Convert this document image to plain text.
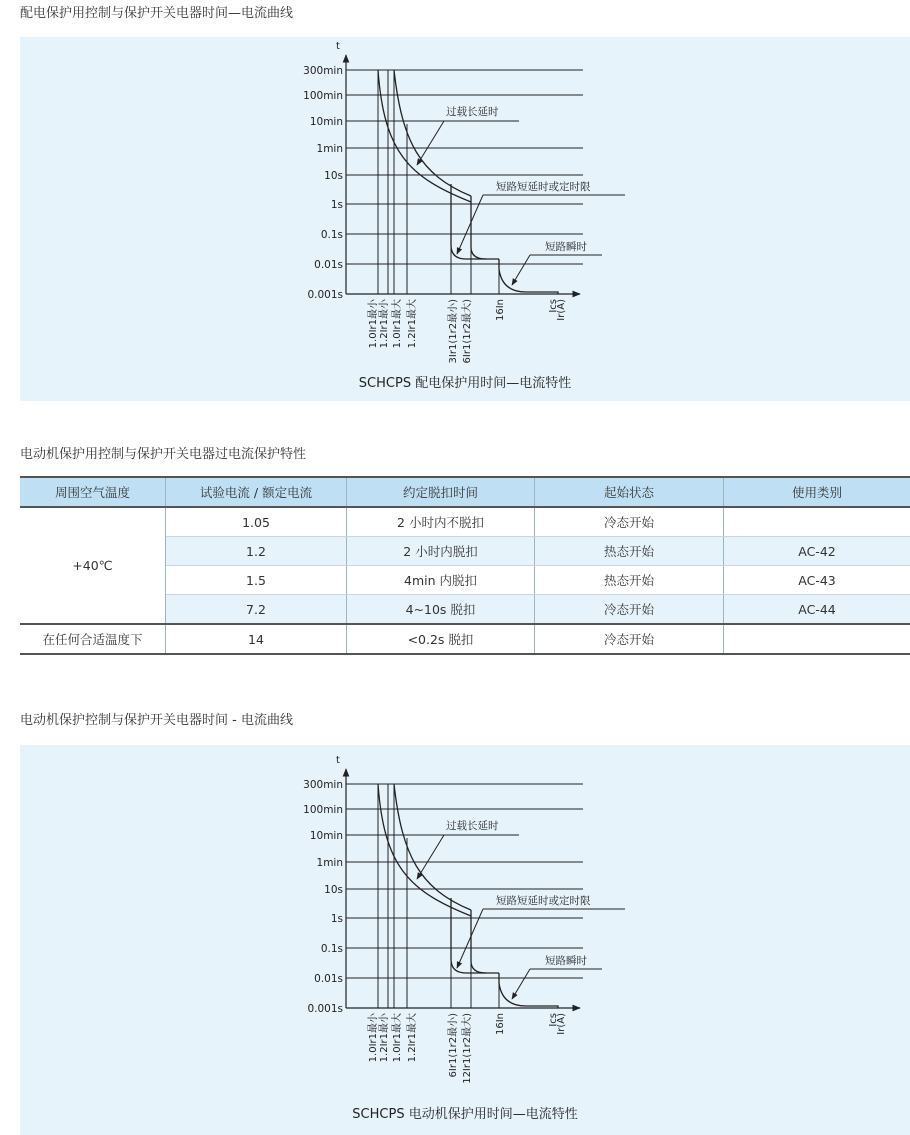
配电保护用控制与保护开关电器时间—电流曲线
300min
100min
10min
1min
10s
1s
0.1s
0.01s
0.001s
t
过载长延时
短路短延时或定时限
短路瞬时
1.0Ir1最小 1.2Ir1最小 1.0Ir1最大 1.2Ir1最大	3Ir1(1r2最小) 6Ir1(1r2最大) 16In	Ics
Ir(A)
SCHCPS 配电保护用时间—电流特性
电动机保护用控制与保护开关电器过电流保护特性
周围空气温度	试验电流 / 额定电流	约定脱扣时间	起始状态	使用类别
+40℃	1.05	2 小时内不脱扣	冷态开始	
	1.2	2 小时内脱扣	热态开始	AC-42
	1.5	4min 内脱扣	热态开始	AC-43
	7.2	4~10s 脱扣	冷态开始	AC-44
在任何合适温度下	14	<0.2s 脱扣	冷态开始	
电动机保护控制与保护开关电器时间 - 电流曲线
300min
100min
10min
1min
10s
1s
0.1s
0.01s
0.001s
t
过载长延时
短路短延时或定时限
短路瞬时
1.0Ir1最小 1.2Ir1最小 1.0Ir1最大 1.2Ir1最大	6Ir1(1r2最小) 12Ir1(1r2最大) 16In	Ics
Ir(A)
SCHCPS 电动机保护用时间—电流特性
